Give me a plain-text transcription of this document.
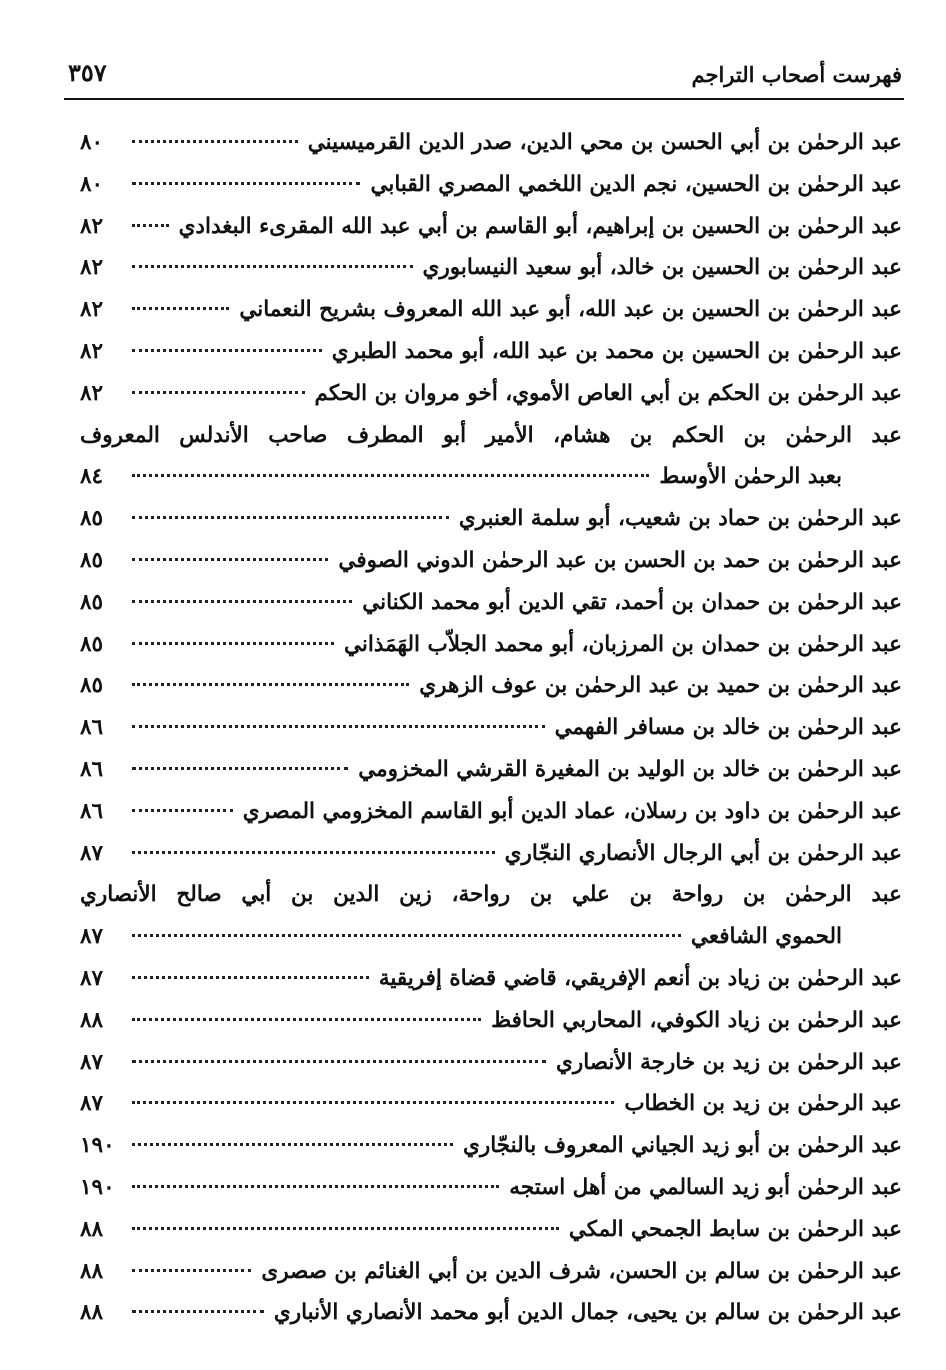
فهرست أصحاب التراجم
٣٥٧
عبد الرحمٰن بن أبي الحسن بن محي الدين، صدر الدين القرميسيني
٨٠
عبد الرحمٰن بن الحسين، نجم الدين اللخمي المصري القبابي
٨٠
عبد الرحمٰن بن الحسين بن إبراهيم، أبو القاسم بن أبي عبد الله المقرىء البغدادي
٨٢
عبد الرحمٰن بن الحسين بن خالد، أبو سعيد النيسابوري
٨٢
عبد الرحمٰن بن الحسين بن عبد الله، أبو عبد الله المعروف بشريح النعماني
٨٢
عبد الرحمٰن بن الحسين بن محمد بن عبد الله، أبو محمد الطبري
٨٢
عبد الرحمٰن بن الحكم بن أبي العاص الأموي، أخو مروان بن الحكم
٨٢
عبد الرحمٰن بن الحكم بن هشام، الأمير أبو المطرف صاحب الأندلس المعروف
بعبد الرحمٰن الأوسط
٨٤
عبد الرحمٰن بن حماد بن شعيب، أبو سلمة العنبري
٨٥
عبد الرحمٰن بن حمد بن الحسن بن عبد الرحمٰن الدوني الصوفي
٨٥
عبد الرحمٰن بن حمدان بن أحمد، تقي الدين أبو محمد الكناني
٨٥
عبد الرحمٰن بن حمدان بن المرزبان، أبو محمد الجلاّب الهَمَذاني
٨٥
عبد الرحمٰن بن حميد بن عبد الرحمٰن بن عوف الزهري
٨٥
عبد الرحمٰن بن خالد بن مسافر الفهمي
٨٦
عبد الرحمٰن بن خالد بن الوليد بن المغيرة القرشي المخزومي
٨٦
عبد الرحمٰن بن داود بن رسلان، عماد الدين أبو القاسم المخزومي المصري
٨٦
عبد الرحمٰن بن أبي الرجال الأنصاري النجّاري
٨٧
عبد الرحمٰن بن رواحة بن علي بن رواحة، زين الدين بن أبي صالح الأنصاري
الحموي الشافعي
٨٧
عبد الرحمٰن بن زياد بن أنعم الإفريقي، قاضي قضاة إفريقية
٨٧
عبد الرحمٰن بن زياد الكوفي، المحاربي الحافظ
٨٨
عبد الرحمٰن بن زيد بن خارجة الأنصاري
٨٧
عبد الرحمٰن بن زيد بن الخطاب
٨٧
عبد الرحمٰن بن أبو زيد الجياني المعروف بالنجّاري
١٩٠
عبد الرحمٰن أبو زيد السالمي من أهل استجه
١٩٠
عبد الرحمٰن بن سابط الجمحي المكي
٨٨
عبد الرحمٰن بن سالم بن الحسن، شرف الدين بن أبي الغنائم بن صصرى
٨٨
عبد الرحمٰن بن سالم بن يحيى، جمال الدين أبو محمد الأنصاري الأنباري
٨٨
